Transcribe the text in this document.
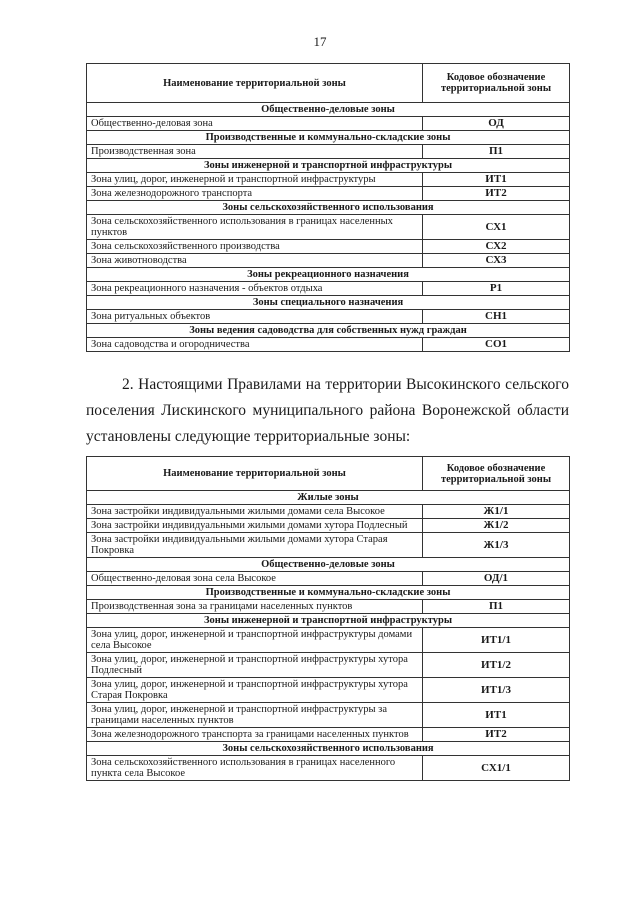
17
Наименование территориальной зоны	Кодовое обозначение территориальной зоны
Общественно-деловые зоны	
Общественно-деловая зона	ОД
Производственные и коммунально-складские зоны	
Производственная зона	П1
Зоны инженерной и транспортной инфраструктуры	
Зона улиц, дорог, инженерной и транспортной инфраструктуры	ИТ1
Зона железнодорожного транспорта	ИТ2
Зоны сельскохозяйственного использования	
Зона сельскохозяйственного использования в границах населенных пунктов	СХ1
Зона сельскохозяйственного производства	СХ2
Зона животноводства	СХ3
Зоны рекреационного назначения	
Зона рекреационного назначения - объектов отдыха	Р1
Зоны специального назначения	
Зона ритуальных объектов	СН1
Зоны ведения садоводства для собственных нужд граждан	
Зона садоводства и огородничества	СО1
2. Настоящими Правилами на территории Высокинского сельского поселения Лискинского муниципального района Воронежской области установлены следующие территориальные зоны:
Наименование территориальной зоны	Кодовое обозначение территориальной зоны
Жилые зоны	
Зона застройки индивидуальными жилыми домами села Высокое	Ж1/1
Зона застройки индивидуальными жилыми домами хутора Подлесный	Ж1/2
Зона застройки индивидуальными жилыми домами хутора Старая Покровка	Ж1/3
Общественно-деловые зоны	
Общественно-деловая зона села Высокое	ОД/1
Производственные и коммунально-складские зоны	
Производственная зона за границами населенных пунктов	П1
Зоны инженерной и транспортной инфраструктуры	
Зона улиц, дорог, инженерной и транспортной инфраструктуры домами села Высокое	ИТ1/1
Зона улиц, дорог, инженерной и транспортной инфраструктуры хутора Подлесный	ИТ1/2
Зона улиц, дорог, инженерной и транспортной инфраструктуры хутора Старая Покровка	ИТ1/3
Зона улиц, дорог, инженерной и транспортной инфраструктуры за границами населенных пунктов	ИТ1
Зона железнодорожного транспорта за границами населенных пунктов	ИТ2
Зоны сельскохозяйственного использования	
Зона сельскохозяйственного использования в границах населенного пункта села Высокое	СХ1/1
